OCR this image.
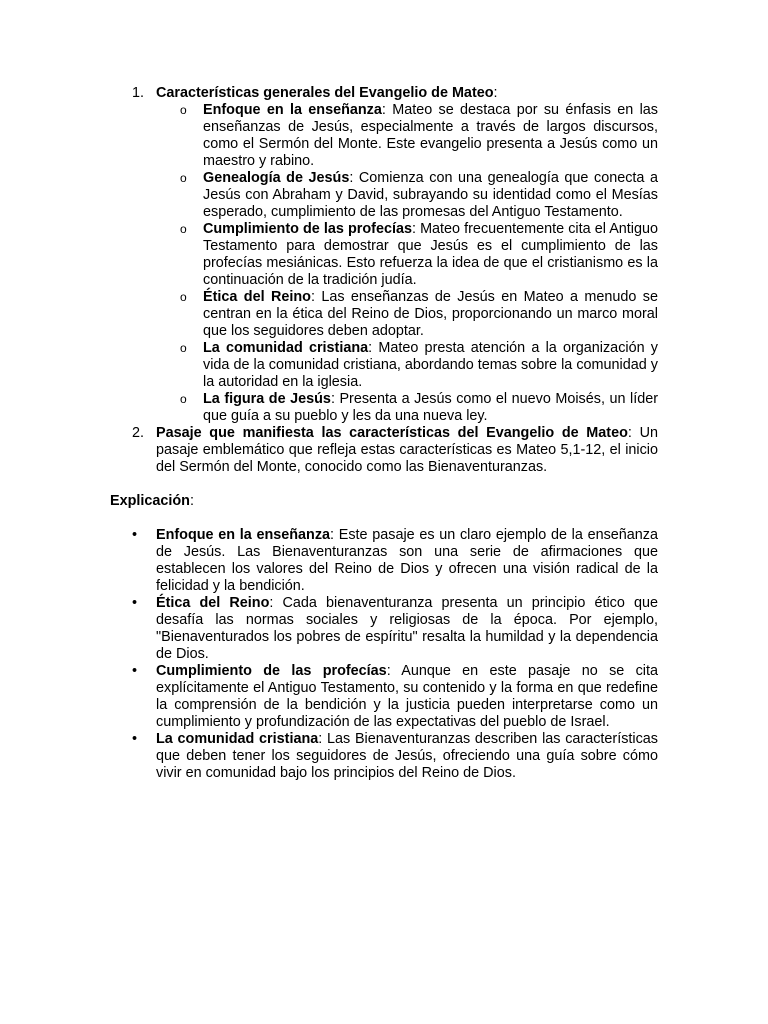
1. Características generales del Evangelio de Mateo:
o Enfoque en la enseñanza: Mateo se destaca por su énfasis en las enseñanzas de Jesús, especialmente a través de largos discursos, como el Sermón del Monte. Este evangelio presenta a Jesús como un maestro y rabino.
o Genealogía de Jesús: Comienza con una genealogía que conecta a Jesús con Abraham y David, subrayando su identidad como el Mesías esperado, cumplimiento de las promesas del Antiguo Testamento.
o Cumplimiento de las profecías: Mateo frecuentemente cita el Antiguo Testamento para demostrar que Jesús es el cumplimiento de las profecías mesiánicas. Esto refuerza la idea de que el cristianismo es la continuación de la tradición judía.
o Ética del Reino: Las enseñanzas de Jesús en Mateo a menudo se centran en la ética del Reino de Dios, proporcionando un marco moral que los seguidores deben adoptar.
o La comunidad cristiana: Mateo presta atención a la organización y vida de la comunidad cristiana, abordando temas sobre la comunidad y la autoridad en la iglesia.
o La figura de Jesús: Presenta a Jesús como el nuevo Moisés, un líder que guía a su pueblo y les da una nueva ley.
2. Pasaje que manifiesta las características del Evangelio de Mateo: Un pasaje emblemático que refleja estas características es Mateo 5,1-12, el inicio del Sermón del Monte, conocido como las Bienaventuranzas.
Explicación:
• Enfoque en la enseñanza: Este pasaje es un claro ejemplo de la enseñanza de Jesús. Las Bienaventuranzas son una serie de afirmaciones que establecen los valores del Reino de Dios y ofrecen una visión radical de la felicidad y la bendición.
• Ética del Reino: Cada bienaventuranza presenta un principio ético que desafía las normas sociales y religiosas de la época. Por ejemplo, "Bienaventurados los pobres de espíritu" resalta la humildad y la dependencia de Dios.
• Cumplimiento de las profecías: Aunque en este pasaje no se cita explícitamente el Antiguo Testamento, su contenido y la forma en que redefine la comprensión de la bendición y la justicia pueden interpretarse como un cumplimiento y profundización de las expectativas del pueblo de Israel.
• La comunidad cristiana: Las Bienaventuranzas describen las características que deben tener los seguidores de Jesús, ofreciendo una guía sobre cómo vivir en comunidad bajo los principios del Reino de Dios.
